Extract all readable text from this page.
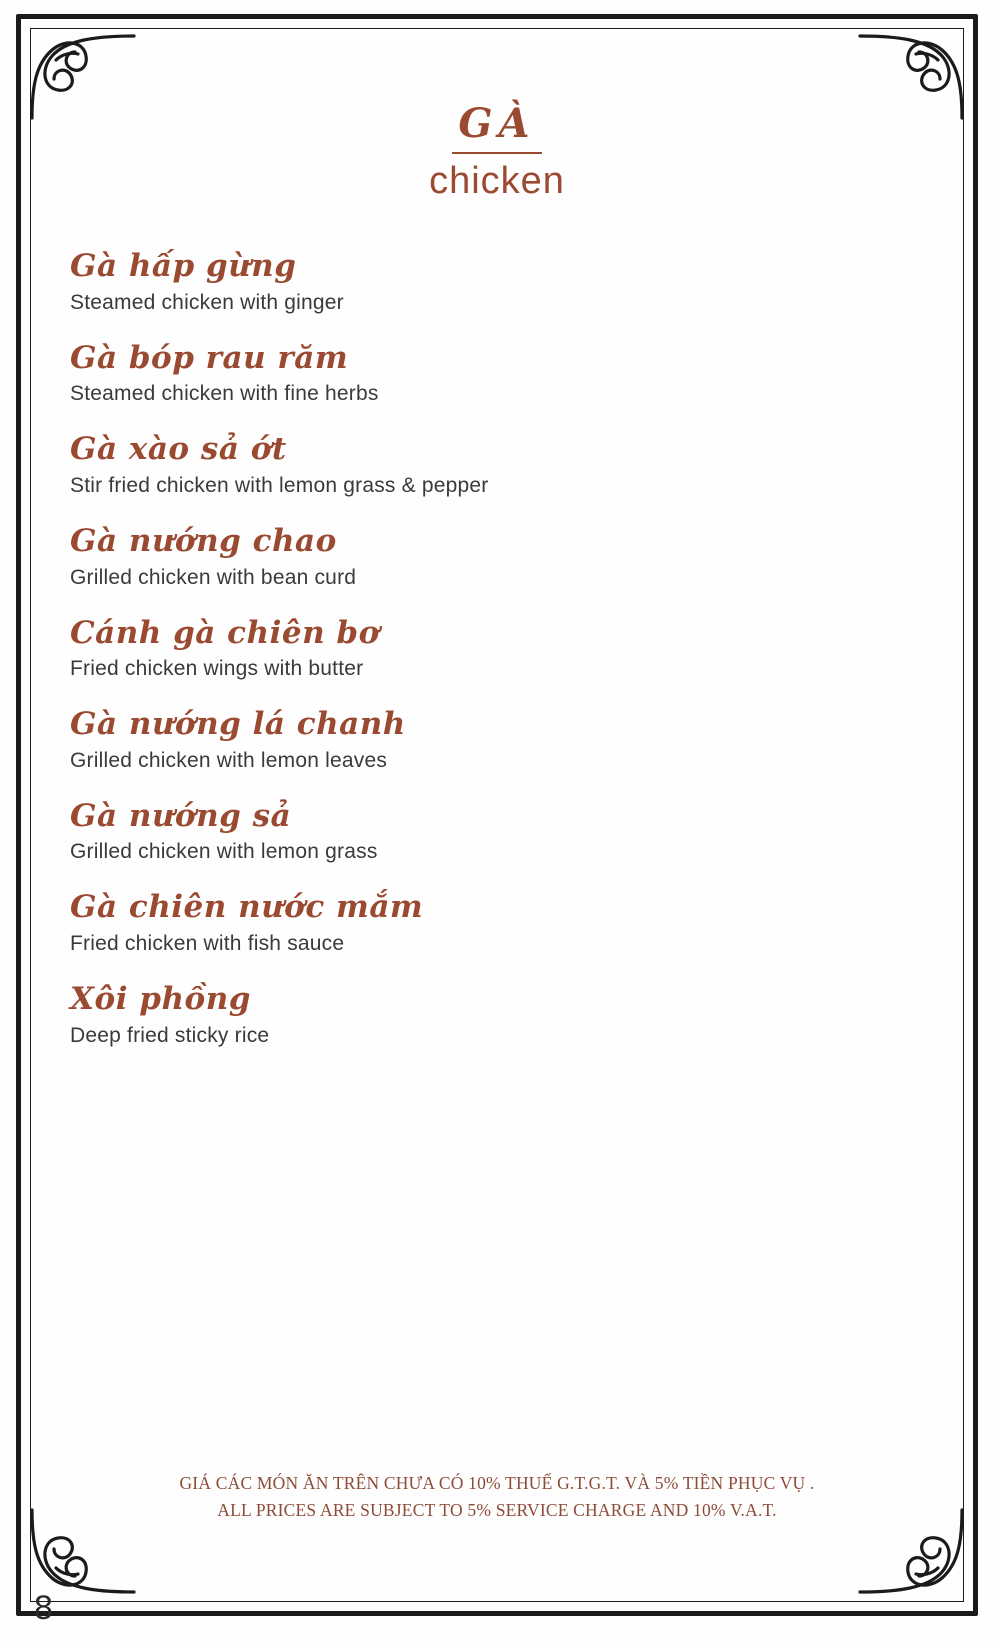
GÀ
chicken
Gà hấp gừng
Steamed chicken with ginger
Gà bóp rau răm
Steamed chicken with fine herbs
Gà xào sả ớt
Stir fried chicken with lemon grass & pepper
Gà nướng chao
Grilled chicken with bean curd
Cánh gà chiên bơ
Fried chicken wings with butter
Gà nướng lá chanh
Grilled chicken with lemon leaves
Gà nướng sả
Grilled chicken with lemon grass
Gà chiên nước mắm
Fried chicken with fish sauce
Xôi phồng
Deep fried sticky rice
GIÁ CÁC MÓN ĂN TRÊN CHƯA CÓ 10% THUẾ G.T.G.T. VÀ 5% TIỀN PHỤC VỤ .
ALL PRICES ARE SUBJECT TO 5% SERVICE CHARGE AND 10% V.A.T.
8
